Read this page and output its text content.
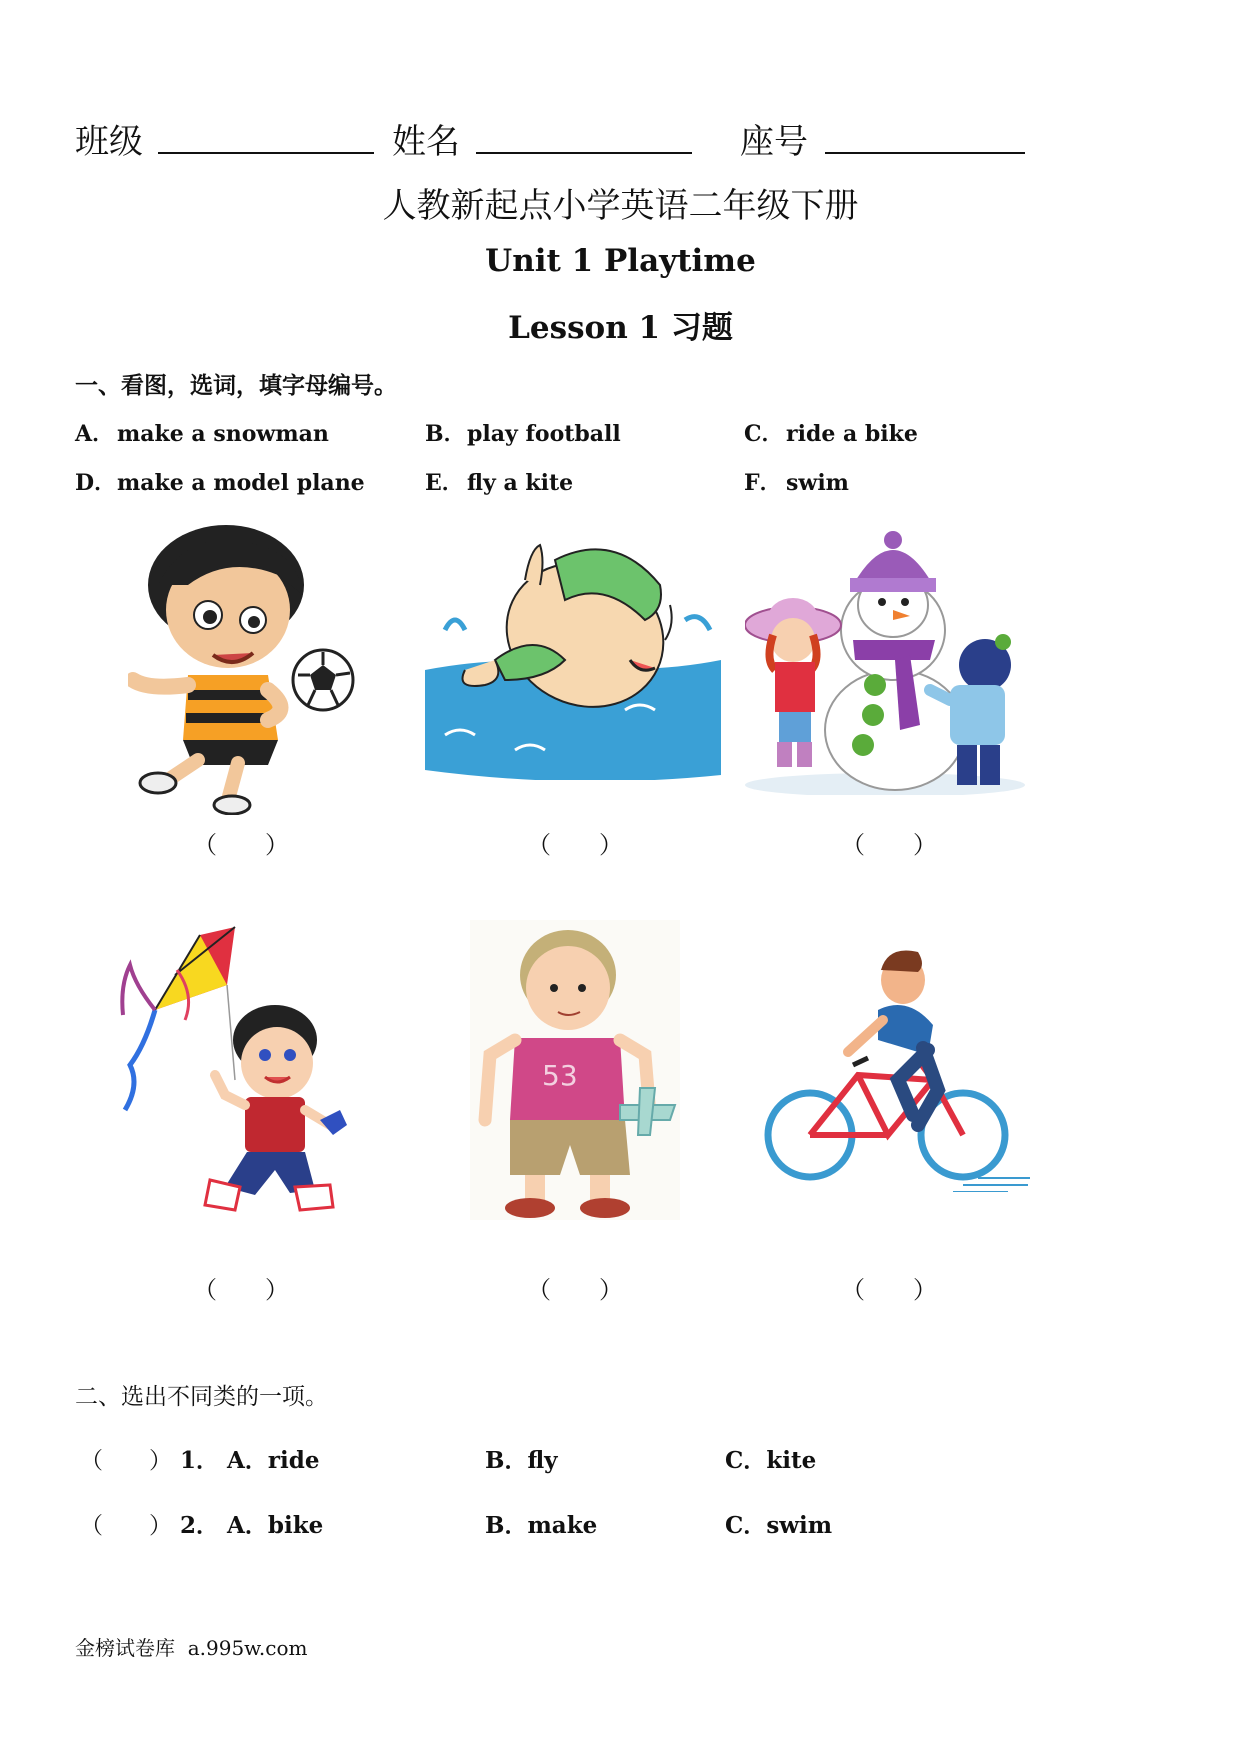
班级	姓名	座号
人教新起点小学英语二年级下册
Unit 1 Playtime
Lesson 1 习题
一、看图，选词，填字母编号。
A． make a snowman	B．play football	C． ride a bike
D．make a model plane	E． fly a kite	F． swim
（　　）	（　　）	（　　）
53
（　　）	（　　）	（　　）
二、选出不同类的一项。
（　　） 1． A．ride	B．fly	C．kite
（　　） 2． A．bike	B．make	C．swim
金榜试卷库  a.995w.com
